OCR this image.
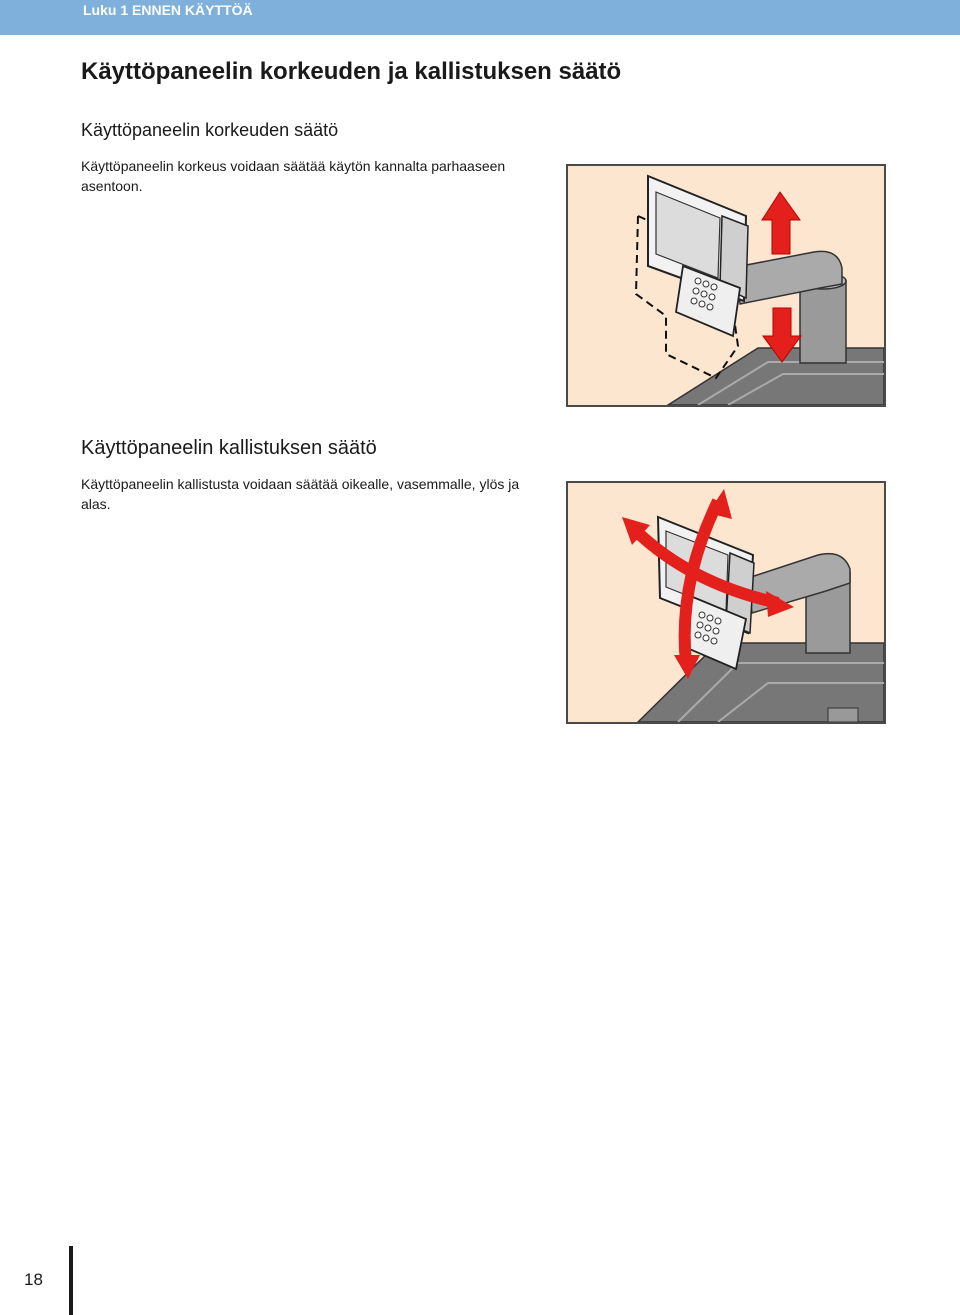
Luku 1 ENNEN KÄYTTÖÄ
Käyttöpaneelin korkeuden ja kallistuksen säätö
Käyttöpaneelin korkeuden säätö

Käyttöpaneelin korkeus voidaan säätää käytön kannalta parhaaseen asentoon.

Käyttöpaneelin kallistuksen säätö

Käyttöpaneelin kallistusta voidaan säätää oikealle, vasemmalle, ylös ja alas.

18
